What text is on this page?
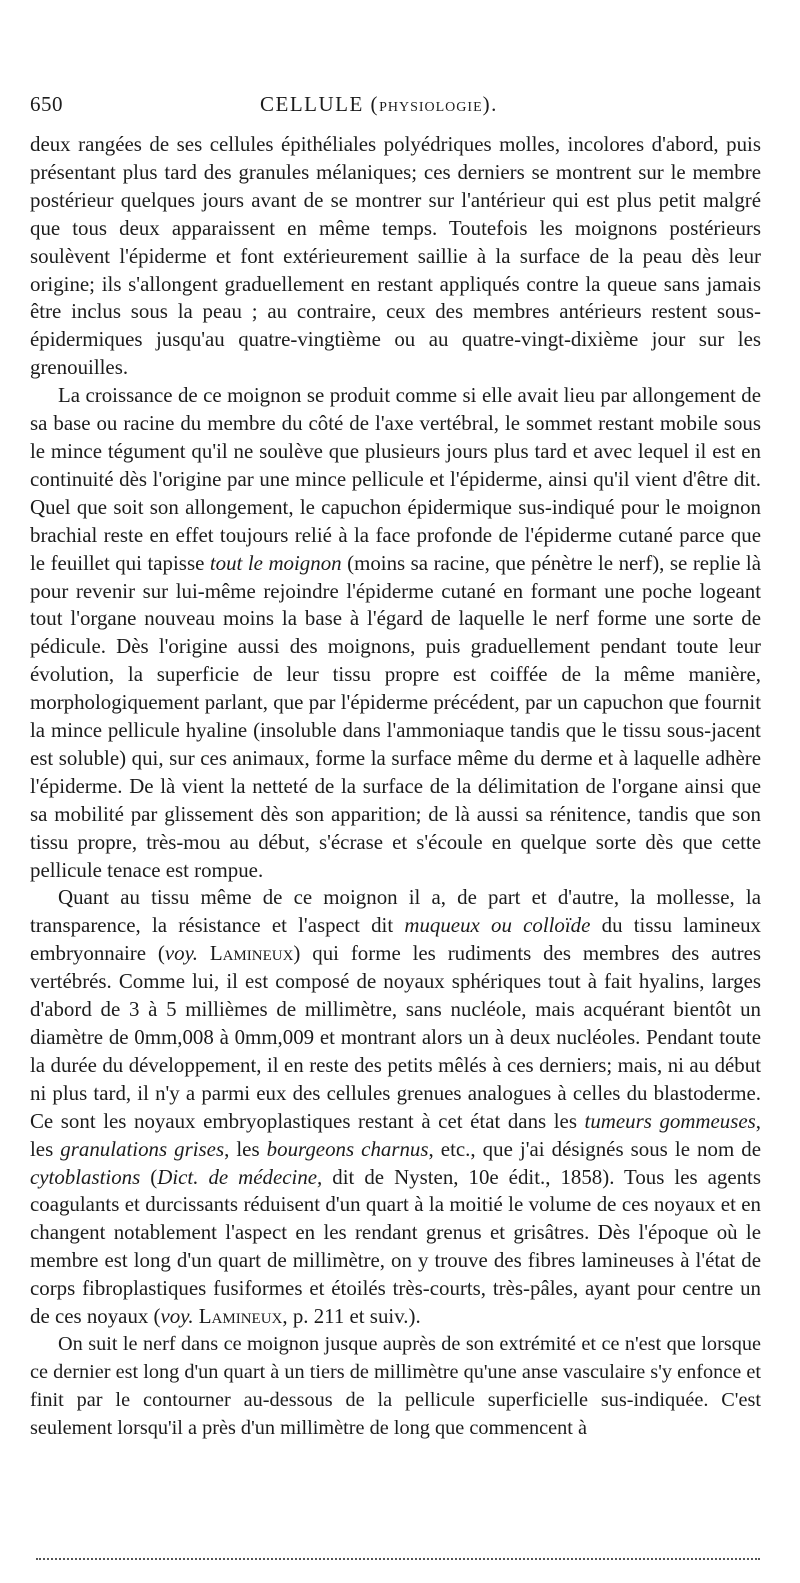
650	CELLULE (PHYSIOLOGIE).

deux rangées de ses cellules épithéliales polyédriques molles, incolores d'abord, puis présentant plus tard des granules mélaniques; ces derniers se montrent sur le membre postérieur quelques jours avant de se montrer sur l'antérieur qui est plus petit malgré que tous deux apparaissent en même temps. Toutefois les moignons postérieurs soulèvent l'épiderme et font extérieurement saillie à la surface de la peau dès leur origine; ils s'allongent graduellement en restant appliqués contre la queue sans jamais être inclus sous la peau ; au contraire, ceux des membres antérieurs restent sous-épidermiques jusqu'au quatre-vingtième ou au quatre-vingt-dixième jour sur les grenouilles.

La croissance de ce moignon se produit comme si elle avait lieu par allongement de sa base ou racine du membre du côté de l'axe vertébral, le sommet restant mobile sous le mince tégument qu'il ne soulève que plusieurs jours plus tard et avec lequel il est en continuité dès l'origine par une mince pellicule et l'épiderme, ainsi qu'il vient d'être dit. Quel que soit son allongement, le capuchon épidermique sus-indiqué pour le moignon brachial reste en effet toujours relié à la face profonde de l'épiderme cutané parce que le feuillet qui tapisse tout le moignon (moins sa racine, que pénètre le nerf), se replie là pour revenir sur lui-même rejoindre l'épiderme cutané en formant une poche logeant tout l'organe nouveau moins la base à l'égard de laquelle le nerf forme une sorte de pédicule. Dès l'origine aussi des moignons, puis graduellement pendant toute leur évolution, la superficie de leur tissu propre est coiffée de la même manière, morphologiquement parlant, que par l'épiderme précédent, par un capuchon que fournit la mince pellicule hyaline (insoluble dans l'ammoniaque tandis que le tissu sous-jacent est soluble) qui, sur ces animaux, forme la surface même du derme et à laquelle adhère l'épiderme. De là vient la netteté de la surface de la délimitation de l'organe ainsi que sa mobilité par glissement dès son apparition; de là aussi sa rénitence, tandis que son tissu propre, très-mou au début, s'écrase et s'écoule en quelque sorte dès que cette pellicule tenace est rompue.

Quant au tissu même de ce moignon il a, de part et d'autre, la mollesse, la transparence, la résistance et l'aspect dit muqueux ou colloïde du tissu lamineux embryonnaire (voy. Lamineux) qui forme les rudiments des membres des autres vertébrés. Comme lui, il est composé de noyaux sphériques tout à fait hyalins, larges d'abord de 3 à 5 millièmes de millimètre, sans nucléole, mais acquérant bientôt un diamètre de 0mm,008 à 0mm,009 et montrant alors un à deux nucléoles. Pendant toute la durée du développement, il en reste des petits mêlés à ces derniers; mais, ni au début ni plus tard, il n'y a parmi eux des cellules grenues analogues à celles du blastoderme. Ce sont les noyaux embryoplastiques restant à cet état dans les tumeurs gommeuses, les granulations grises, les bourgeons charnus, etc., que j'ai désignés sous le nom de cytoblastions (Dict. de médecine, dit de Nysten, 10e édit., 1858). Tous les agents coagulants et durcissants réduisent d'un quart à la moitié le volume de ces noyaux et en changent notablement l'aspect en les rendant grenus et grisâtres. Dès l'époque où le membre est long d'un quart de millimètre, on y trouve des fibres lamineuses à l'état de corps fibroplastiques fusiformes et étoilés très-courts, très-pâles, ayant pour centre un de ces noyaux (voy. Lamineux, p. 211 et suiv.).

On suit le nerf dans ce moignon jusque auprès de son extrémité et ce n'est que lorsque ce dernier est long d'un quart à un tiers de millimètre qu'une anse vasculaire s'y enfonce et finit par le contourner au-dessous de la pellicule superficielle sus-indiquée. C'est seulement lorsqu'il a près d'un millimètre de long que commencent à
